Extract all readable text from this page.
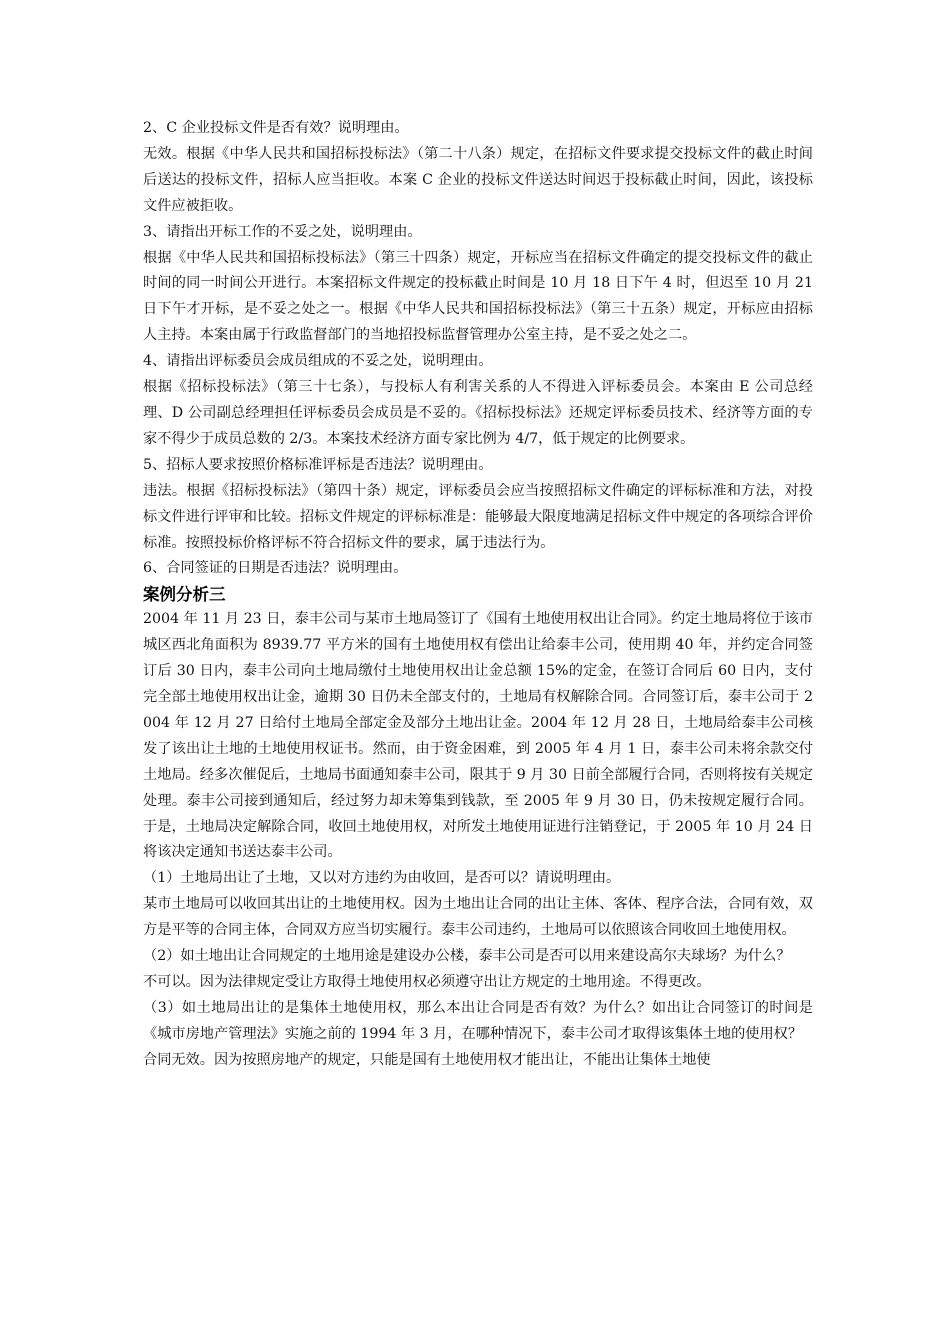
2、C 企业投标文件是否有效？说明理由。

无效。根据《中华人民共和国招标投标法》（第二十八条）规定，在招标文件要求提交投标文件的截止时间后送达的投标文件，招标人应当拒收。本案 C 企业的投标文件送达时间迟于投标截止时间，因此，该投标文件应被拒收。

3、请指出开标工作的不妥之处，说明理由。

根据《中华人民共和国招标投标法》（第三十四条）规定，开标应当在招标文件确定的提交投标文件的截止时间的同一时间公开进行。本案招标文件规定的投标截止时间是 10 月 18 日下午 4 时，但迟至 10 月 21 日下午才开标，是不妥之处之一。根据《中华人民共和国招标投标法》（第三十五条）规定，开标应由招标人主持。本案由属于行政监督部门的当地招投标监督管理办公室主持，是不妥之处之二。

4、请指出评标委员会成员组成的不妥之处，说明理由。

根据《招标投标法》（第三十七条），与投标人有利害关系的人不得进入评标委员会。本案由 E 公司总经理、D 公司副总经理担任评标委员会成员是不妥的。《招标投标法》还规定评标委员技术、经济等方面的专家不得少于成员总数的 2/3。本案技术经济方面专家比例为 4/7，低于规定的比例要求。

5、招标人要求按照价格标准评标是否违法？说明理由。

违法。根据《招标投标法》（第四十条）规定，评标委员会应当按照招标文件确定的评标标准和方法，对投标文件进行评审和比较。招标文件规定的评标标准是：能够最大限度地满足招标文件中规定的各项综合评价标准。按照投标价格评标不符合招标文件的要求，属于违法行为。

6、合同签证的日期是否违法？说明理由。

案例分析三

2004 年 11 月 23 日，泰丰公司与某市土地局签订了《国有土地使用权出让合同》。约定土地局将位于该市城区西北角面积为 8939.77 平方米的国有土地使用权有偿出让给泰丰公司，使用期 40 年，并约定合同签订后 30 日内，泰丰公司向土地局缴付土地使用权出让金总额 15%的定金，在签订合同后 60 日内，支付完全部土地使用权出让金，逾期 30 日仍未全部支付的，土地局有权解除合同。合同签订后，泰丰公司于 2004 年 12 月 27 日给付土地局全部定金及部分土地出让金。2004 年 12 月 28 日，土地局给泰丰公司核发了该出让土地的土地使用权证书。然而，由于资金困难，到 2005 年 4 月 1 日，泰丰公司未将余款交付土地局。经多次催促后，土地局书面通知泰丰公司，限其于 9 月 30 日前全部履行合同，否则将按有关规定处理。泰丰公司接到通知后，经过努力却未筹集到钱款，至 2005 年 9 月 30 日，仍未按规定履行合同。于是，土地局决定解除合同，收回土地使用权，对所发土地使用证进行注销登记，于 2005 年 10 月 24 日将该决定通知书送达泰丰公司。

（1）土地局出让了土地，又以对方违约为由收回，是否可以？请说明理由。

某市土地局可以收回其出让的土地使用权。因为土地出让合同的出让主体、客体、程序合法，合同有效，双方是平等的合同主体，合同双方应当切实履行。泰丰公司违约，土地局可以依照该合同收回土地使用权。

（2）如土地出让合同规定的土地用途是建设办公楼，泰丰公司是否可以用来建设高尔夫球场？为什么？

不可以。因为法律规定受让方取得土地使用权必须遵守出让方规定的土地用途。不得更改。

（3）如土地局出让的是集体土地使用权，那么本出让合同是否有效？为什么？如出让合同签订的时间是《城市房地产管理法》实施之前的 1994 年 3 月，在哪种情况下，泰丰公司才取得该集体土地的使用权？

合同无效。因为按照房地产的规定，只能是国有土地使用权才能出让，不能出让集体土地使
